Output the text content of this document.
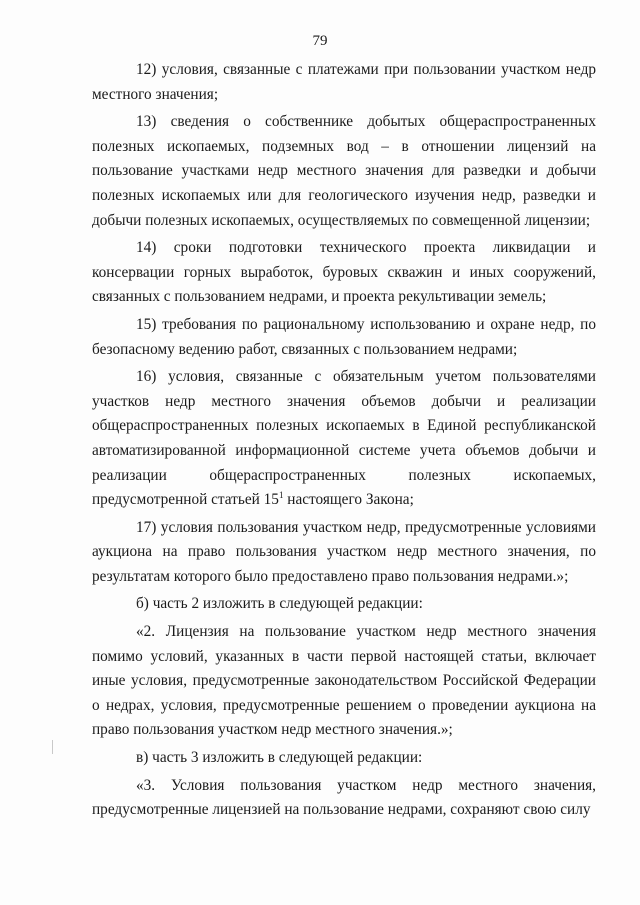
79

12) условия, связанные с платежами при пользовании участком недр местного значения;

13) сведения о собственнике добытых общераспространенных полезных ископаемых, подземных вод – в отношении лицензий на пользование участками недр местного значения для разведки и добычи полезных ископаемых или для геологического изучения недр, разведки и добычи полезных ископаемых, осуществляемых по совмещенной лицензии;

14) сроки подготовки технического проекта ликвидации и консервации горных выработок, буровых скважин и иных сооружений, связанных с пользованием недрами, и проекта рекультивации земель;

15) требования по рациональному использованию и охране недр, по безопасному ведению работ, связанных с пользованием недрами;

16) условия, связанные с обязательным учетом пользователями участков недр местного значения объемов добычи и реализации общераспространенных полезных ископаемых в Единой республиканской автоматизированной информационной системе учета объемов добычи и реализации общераспространенных полезных ископаемых, предусмотренной статьей $15^1$ настоящего Закона;

17) условия пользования участком недр, предусмотренные условиями аукциона на право пользования участком недр местного значения, по результатам которого было предоставлено право пользования недрами.»;

б) часть 2 изложить в следующей редакции:

«2. Лицензия на пользование участком недр местного значения помимо условий, указанных в части первой настоящей статьи, включает иные условия, предусмотренные законодательством Российской Федерации о недрах, условия, предусмотренные решением о проведении аукциона на право пользования участком недр местного значения.»;

в) часть 3 изложить в следующей редакции:

«3. Условия пользования участком недр местного значения, предусмотренные лицензией на пользование недрами, сохраняют свою силу
